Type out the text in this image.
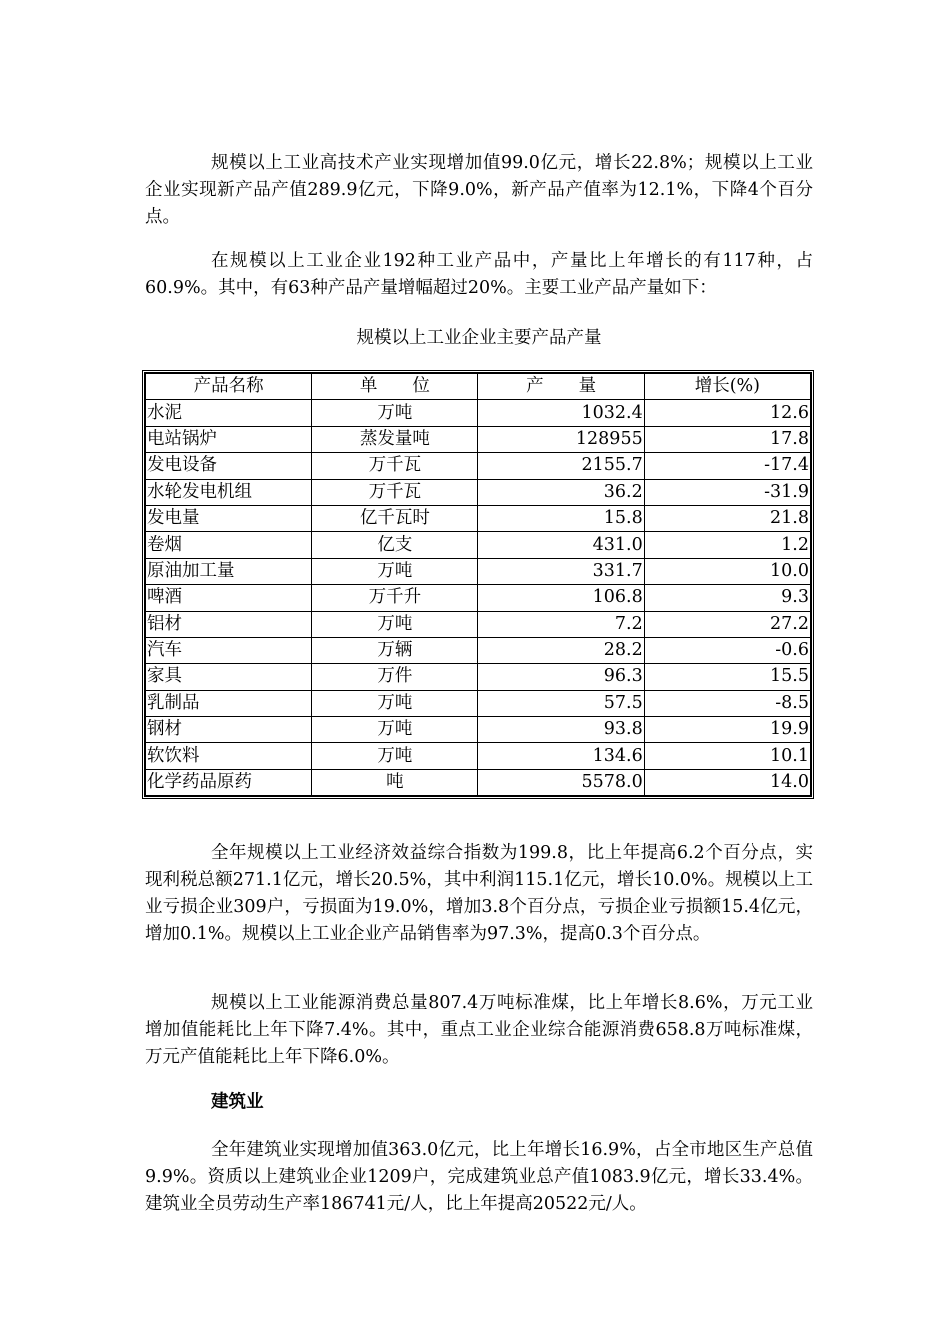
规模以上工业高技术产业实现增加值99.0亿元，增长22.8%；规模以上工业企业实现新产品产值289.9亿元，下降9.0%，新产品产值率为12.1%，下降4个百分点。

在规模以上工业企业192种工业产品中，产量比上年增长的有117种，占60.9%。其中，有63种产品产量增幅超过20%。主要工业产品产量如下：

规模以上工业企业主要产品产量
产品名称	单　　位	产　　量	增长(%)
水泥	万吨	1032.4	12.6
电站锅炉	蒸发量吨	128955	17.8
发电设备	万千瓦	2155.7	-17.4
水轮发电机组	万千瓦	36.2	-31.9
发电量	亿千瓦时	15.8	21.8
卷烟	亿支	431.0	1.2
原油加工量	万吨	331.7	10.0
啤酒	万千升	106.8	9.3
铝材	万吨	7.2	27.2
汽车	万辆	28.2	-0.6
家具	万件	96.3	15.5
乳制品	万吨	57.5	-8.5
钢材	万吨	93.8	19.9
软饮料	万吨	134.6	10.1
化学药品原药	吨	5578.0	14.0

全年规模以上工业经济效益综合指数为199.8，比上年提高6.2个百分点，实现利税总额271.1亿元，增长20.5%，其中利润115.1亿元，增长10.0%。规模以上工业亏损企业309户，亏损面为19.0%，增加3.8个百分点，亏损企业亏损额15.4亿元，增加0.1%。规模以上工业企业产品销售率为97.3%，提高0.3个百分点。

规模以上工业能源消费总量807.4万吨标准煤，比上年增长8.6%，万元工业增加值能耗比上年下降7.4%。其中，重点工业企业综合能源消费658.8万吨标准煤，万元产值能耗比上年下降6.0%。

建筑业

全年建筑业实现增加值363.0亿元，比上年增长16.9%，占全市地区生产总值9.9%。资质以上建筑业企业1209户，完成建筑业总产值1083.9亿元，增长33.4%。建筑业全员劳动生产率186741元/人，比上年提高20522元/人。
